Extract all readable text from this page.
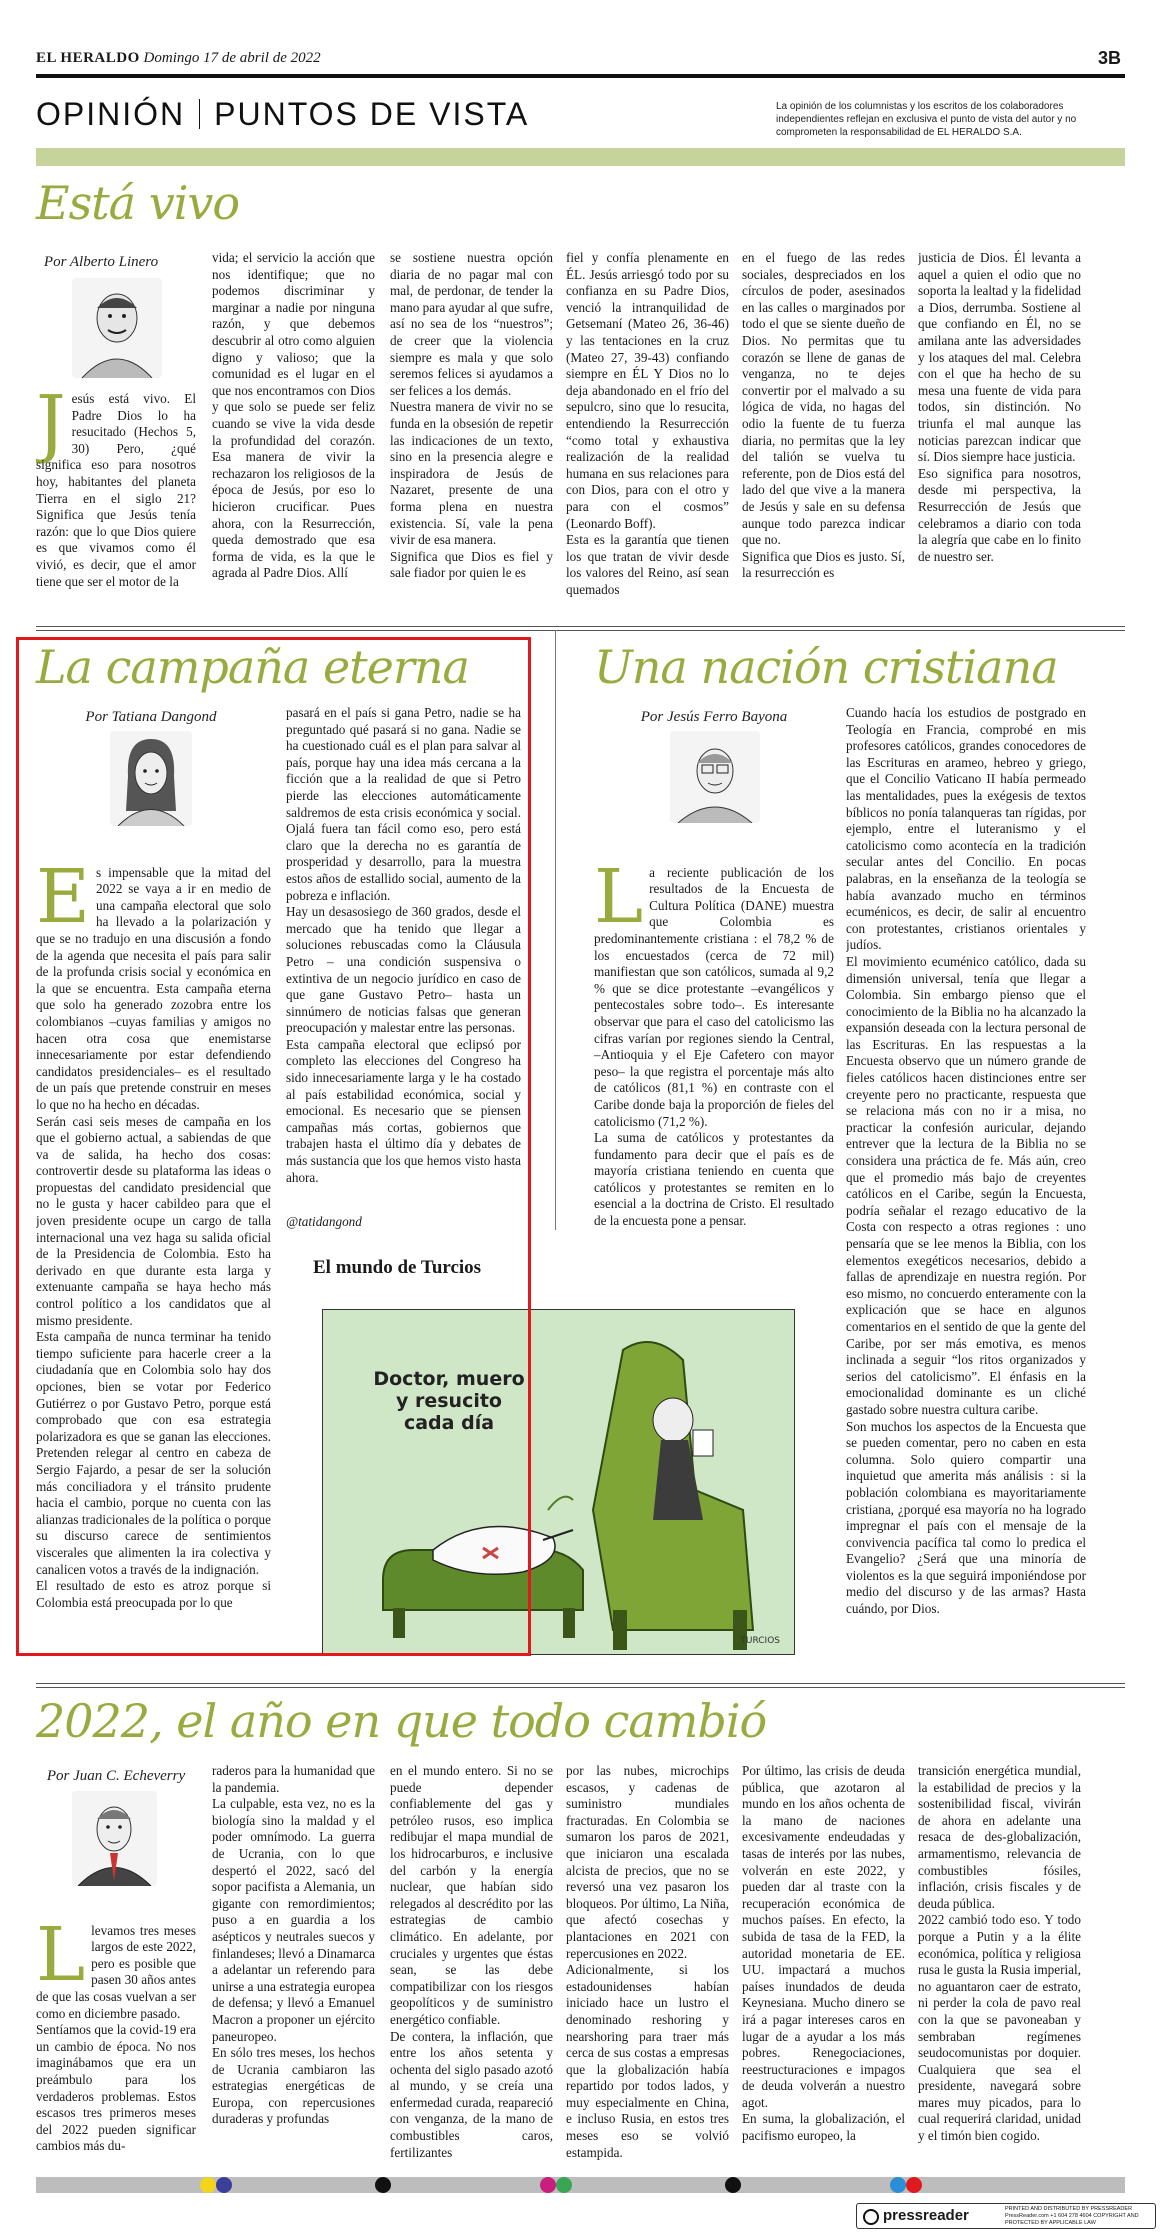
EL HERALDO Domingo 17 de abril de 2022	3B
OPINIÓN PUNTOS DE VISTA	La opinión de los columnistas y los escritos de los colaboradores independientes reflejan en exclusiva el punto de vista del autor y no comprometen la responsabilidad de EL HERALDO S.A.
Está vivo
Por Alberto Linero
Jesús está vivo. El Padre Dios lo ha resucitado (Hechos 5, 30) Pero, ¿qué significa eso para nosotros hoy, habitantes del planeta Tierra en el siglo 21? Significa que Jesús tenía razón: que lo que Dios quiere es que vivamos como él vivió, es decir, que el amor tiene que ser el motor de la
vida; el servicio la acción que nos identifique; que no podemos discriminar y marginar a nadie por ninguna razón, y que debemos descubrir al otro como alguien digno y valioso; que la comunidad es el lugar en el que nos encontramos con Dios y que solo se puede ser feliz cuando se vive la vida desde la profundidad del corazón. Esa manera de vivir la rechazaron los religiosos de la época de Jesús, por eso lo hicieron crucificar. Pues ahora, con la Resurrección, queda demostrado que esa forma de vida, es la que le agrada al Padre Dios. Allí
se sostiene nuestra opción diaria de no pagar mal con mal, de perdonar, de tender la mano para ayudar al que sufre, así no sea de los “nuestros”; de creer que la violencia siempre es mala y que solo seremos felices si ayudamos a ser felices a los demás.
Nuestra manera de vivir no se funda en la obsesión de repetir las indicaciones de un texto, sino en la presencia alegre e inspiradora de Jesús de Nazaret, presente de una forma plena en nuestra existencia. Sí, vale la pena vivir de esa manera.
Significa que Dios es fiel y sale fiador por quien le es
fiel y confía plenamente en ÉL. Jesús arriesgó todo por su confianza en su Padre Dios, venció la intranquilidad de Getsemaní (Mateo 26, 36-46) y las tentaciones en la cruz (Mateo 27, 39-43) confiando siempre en ÉL Y Dios no lo deja abandonado en el frío del sepulcro, sino que lo resucita, entendiendo la Resurrección “como total y exhaustiva realización de la realidad humana en sus relaciones para con Dios, para con el otro y para con el cosmos” (Leonardo Boff).
Esta es la garantía que tienen los que tratan de vivir desde los valores del Reino, así sean quemados
en el fuego de las redes sociales, despreciados en los círculos de poder, asesinados en las calles o marginados por todo el que se siente dueño de Dios. No permitas que tu corazón se llene de ganas de venganza, no te dejes convertir por el malvado a su lógica de vida, no hagas del odio la fuente de tu fuerza diaria, no permitas que la ley del talión se vuelva tu referente, pon de Dios está del lado del que vive a la manera de Jesús y sale en su defensa aunque todo parezca indicar que no.
Significa que Dios es justo. Sí, la resurrección es
justicia de Dios. Él levanta a aquel a quien el odio que no soporta la lealtad y la fidelidad a Dios, derrumba. Sostiene al que confiando en Él, no se amilana ante las adversidades y los ataques del mal. Celebra con el que ha hecho de su mesa una fuente de vida para todos, sin distinción. No triunfa el mal aunque las noticias parezcan indicar que sí. Dios siempre hace justicia.
Eso significa para nosotros, desde mi perspectiva, la Resurrección de Jesús que celebramos a diario con toda la alegría que cabe en lo finito de nuestro ser.
La campaña eterna
Por Tatiana Dangond

Es impensable que la mitad del 2022 se vaya a ir en medio de una campaña electoral que solo ha llevado a la polarización y que se no tradujo en una discusión a fondo de la agenda que necesita el país para salir de la profunda crisis social y económica en la que se encuentra. Esta campaña eterna que solo ha generado zozobra entre los colombianos –cuyas familias y amigos no hacen otra cosa que enemistarse innecesariamente por estar defendiendo candidatos presidenciales– es el resultado de un país que pretende construir en meses lo que no ha hecho en décadas.
Serán casi seis meses de campaña en los que el gobierno actual, a sabiendas de que va de salida, ha hecho dos cosas: controvertir desde su plataforma las ideas o propuestas del candidato presidencial que no le gusta y hacer cabildeo para que el joven presidente ocupe un cargo de talla internacional una vez haga su salida oficial de la Presidencia de Colombia. Esto ha derivado en que durante esta larga y extenuante campaña se haya hecho más control político a los candidatos que al mismo presidente.
Esta campaña de nunca terminar ha tenido tiempo suficiente para hacerle creer a la ciudadanía que en Colombia solo hay dos opciones, bien se votar por Federico Gutiérrez o por Gustavo Petro, porque está comprobado que con esa estrategia polarizadora es que se ganan las elecciones. Pretenden relegar al centro en cabeza de Sergio Fajardo, a pesar de ser la solución más conciliadora y el tránsito prudente hacia el cambio, porque no cuenta con las alianzas tradicionales de la política o porque su discurso carece de sentimientos viscerales que alimenten la ira colectiva y canalicen votos a través de la indignación.
El resultado de esto es atroz porque si Colombia está preocupada por lo que

pasará en el país si gana Petro, nadie se ha preguntado qué pasará si no gana. Nadie se ha cuestionado cuál es el plan para salvar al país, porque hay una idea más cercana a la ficción que a la realidad de que si Petro pierde las elecciones automáticamente saldremos de esta crisis económica y social. Ojalá fuera tan fácil como eso, pero está claro que la derecha no es garantía de prosperidad y desarrollo, para la muestra estos años de estallido social, aumento de la pobreza e inflación.
Hay un desasosiego de 360 grados, desde el mercado que ha tenido que llegar a soluciones rebuscadas como la Cláusula Petro – una condición suspensiva o extintiva de un negocio jurídico en caso de que gane Gustavo Petro– hasta un sinnúmero de noticias falsas que generan preocupación y malestar entre las personas.
Esta campaña electoral que eclipsó por completo las elecciones del Congreso ha sido innecesariamente larga y le ha costado al país estabilidad económica, social y emocional. Es necesario que se piensen campañas más cortas, gobiernos que trabajen hasta el último día y debates de más sustancia que los que hemos visto hasta ahora.
@tatidangond
Una nación cristiana
Por Jesús Ferro Bayona

La reciente publicación de los resultados de la Encuesta de Cultura Política (DANE) muestra que Colombia es predominantemente cristiana : el 78,2 % de los encuestados (cerca de 72 mil) manifiestan que son católicos, sumada al 9,2 % que se dice protestante –evangélicos y pentecostales sobre todo–. Es interesante observar que para el caso del catolicismo las cifras varían por regiones siendo la Central, –Antioquia y el Eje Cafetero con mayor peso– la que registra el porcentaje más alto de católicos (81,1 %) en contraste con el Caribe donde baja la proporción de fieles del catolicismo (71,2 %).
La suma de católicos y protestantes da fundamento para decir que el país es de mayoría cristiana teniendo en cuenta que católicos y protestantes se remiten en lo esencial a la doctrina de Cristo. El resultado de la encuesta pone a pensar.

Cuando hacía los estudios de postgrado en Teología en Francia, comprobé en mis profesores católicos, grandes conocedores de las Escrituras en arameo, hebreo y griego, que el Concilio Vaticano II había permeado las mentalidades, pues la exégesis de textos bíblicos no ponía talanqueras tan rígidas, por ejemplo, entre el luteranismo y el catolicismo como acontecía en la tradición secular antes del Concilio. En pocas palabras, en la enseñanza de la teología se había avanzado mucho en términos ecuménicos, es decir, de salir al encuentro con protestantes, cristianos orientales y judíos.
El movimiento ecuménico católico, dada su dimensión universal, tenía que llegar a Colombia. Sin embargo pienso que el conocimiento de la Biblia no ha alcanzado la expansión deseada con la lectura personal de las Escrituras. En las respuestas a la Encuesta observo que un número grande de fieles católicos hacen distinciones entre ser creyente pero no practicante, respuesta que se relaciona más con no ir a misa, no practicar la confesión auricular, dejando entrever que la lectura de la Biblia no se considera una práctica de fe. Más aún, creo que el promedio más bajo de creyentes católicos en el Caribe, según la Encuesta, podría señalar el rezago educativo de la Costa con respecto a otras regiones : uno pensaría que se lee menos la Biblia, con los elementos exegéticos necesarios, debido a fallas de aprendizaje en nuestra región. Por eso mismo, no concuerdo enteramente con la explicación que se hace en algunos comentarios en el sentido de que la gente del Caribe, por ser más emotiva, es menos inclinada a seguir “los ritos organizados y serios del catolicismo”. El énfasis en la emocionalidad dominante es un cliché gastado sobre nuestra cultura caribe.
Son muchos los aspectos de la Encuesta que se pueden comentar, pero no caben en esta columna. Solo quiero compartir una inquietud que amerita más análisis : si la población colombiana es mayoritariamente cristiana, ¿porqué esa mayoría no ha logrado impregnar el país con el mensaje de la convivencia pacífica tal como lo predica el Evangelio? ¿Será que una minoría de violentos es la que seguirá imponiéndose por medio del discurso y de las armas? Hasta cuándo, por Dios.
El mundo de Turcios
Doctor, muero y resucito cada día
TURCIOS
2022, el año en que todo cambió
Por Juan C. Echeverry

Llevamos tres meses largos de este 2022, pero es posible que pasen 30 años antes de que las cosas vuelvan a ser como en diciembre pasado.
Sentíamos que la covid-19 era un cambio de época. No nos imaginábamos que era un preámbulo para los verdaderos problemas. Estos escasos tres primeros meses del 2022 pueden significar cambios más du-

raderos para la humanidad que la pandemia.
La culpable, esta vez, no es la biología sino la maldad y el poder omnímodo. La guerra de Ucrania, con lo que despertó el 2022, sacó del sopor pacifista a Alemania, un gigante con remordimientos; puso a en guardia a los asépticos y neutrales suecos y finlandeses; llevó a Dinamarca a adelantar un referendo para unirse a una estrategia europea de defensa; y llevó a Emanuel Macron a proponer un ejército paneuropeo.
En sólo tres meses, los hechos de Ucrania cambiaron las estrategias energéticas de Europa, con repercusiones duraderas y profundas
en el mundo entero. Si no se puede depender confiablemente del gas y petróleo rusos, eso implica redibujar el mapa mundial de los hidrocarburos, e inclusive del carbón y la energía nuclear, que habían sido relegados al descrédito por las estrategias de cambio climático. En adelante, por cruciales y urgentes que éstas sean, se las debe compatibilizar con los riesgos geopolíticos y de suministro energético confiable.
De contera, la inflación, que entre los años setenta y ochenta del siglo pasado azotó al mundo, y se creía una enfermedad curada, reapareció con venganza, de la mano de combustibles caros, fertilizantes
por las nubes, microchips escasos, y cadenas de suministro mundiales fracturadas. En Colombia se sumaron los paros de 2021, que iniciaron una escalada alcista de precios, que no se reversó una vez pasaron los bloqueos. Por último, La Niña, que afectó cosechas y plantaciones en 2021 con repercusiones en 2022.
Adicionalmente, si los estadounidenses habían iniciado hace un lustro el denominado reshoring y nearshoring para traer más cerca de sus costas a empresas que la globalización había repartido por todos lados, y muy especialmente en China, e incluso Rusia, en estos tres meses eso se volvió estampida.
Por último, las crisis de deuda pública, que azotaron al mundo en los años ochenta de la mano de naciones excesivamente endeudadas y tasas de interés por las nubes, volverán en este 2022, y pueden dar al traste con la recuperación económica de muchos países. En efecto, la subida de tasa de la FED, la autoridad monetaria de EE. UU. impactará a muchos países inundados de deuda Keynesiana. Mucho dinero se irá a pagar intereses caros en lugar de a ayudar a los más pobres. Renegociaciones, reestructuraciones e impagos de deuda volverán a nuestro agot.
En suma, la globalización, el pacifismo europeo, la
transición energética mundial, la estabilidad de precios y la sostenibilidad fiscal, vivirán de ahora en adelante una resaca de des-globalización, armamentismo, relevancia de combustibles fósiles, inflación, crisis fiscales y de deuda pública.
2022 cambió todo eso. Y todo porque a Putin y a la élite económica, política y religiosa rusa le gusta la Rusia imperial, no aguantaron caer de estrato, ni perder la cola de pavo real con la que se pavoneaban y sembraban regímenes seudocomunistas por doquier. Cualquiera que sea el presidente, navegará sobre mares muy picados, para lo cual requerirá claridad, unidad y el timón bien cogido.
pressreader	PRINTED AND DISTRIBUTED BY PRESSREADER PressReader.com +1 604 278 4604 COPYRIGHT AND PROTECTED BY APPLICABLE LAW
